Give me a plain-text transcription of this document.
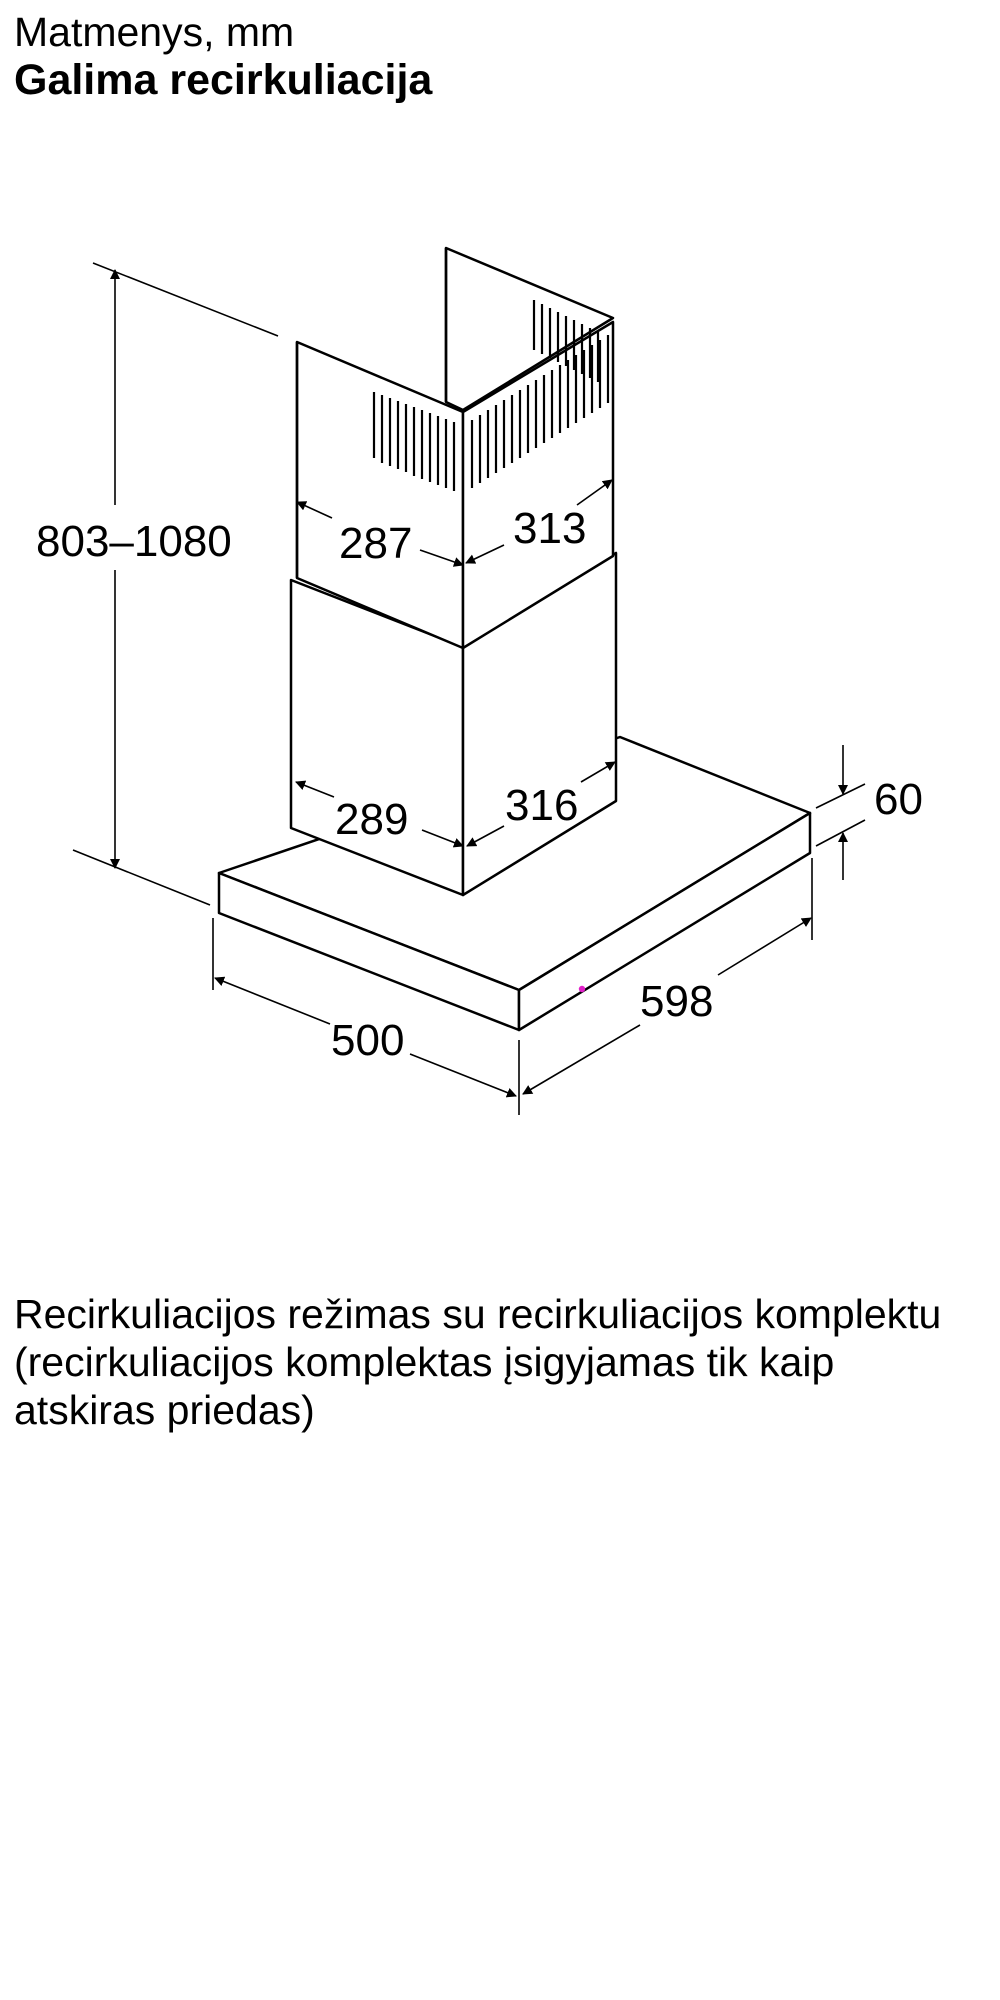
Matmenys, mm
Galima recirkuliacija
803–1080 287 313
289 316	60
500
598

Recirkuliacijos režimas su recirkuliacijos komplektu (recirkuliacijos komplektas įsigyjamas tik kaip atskiras priedas)
